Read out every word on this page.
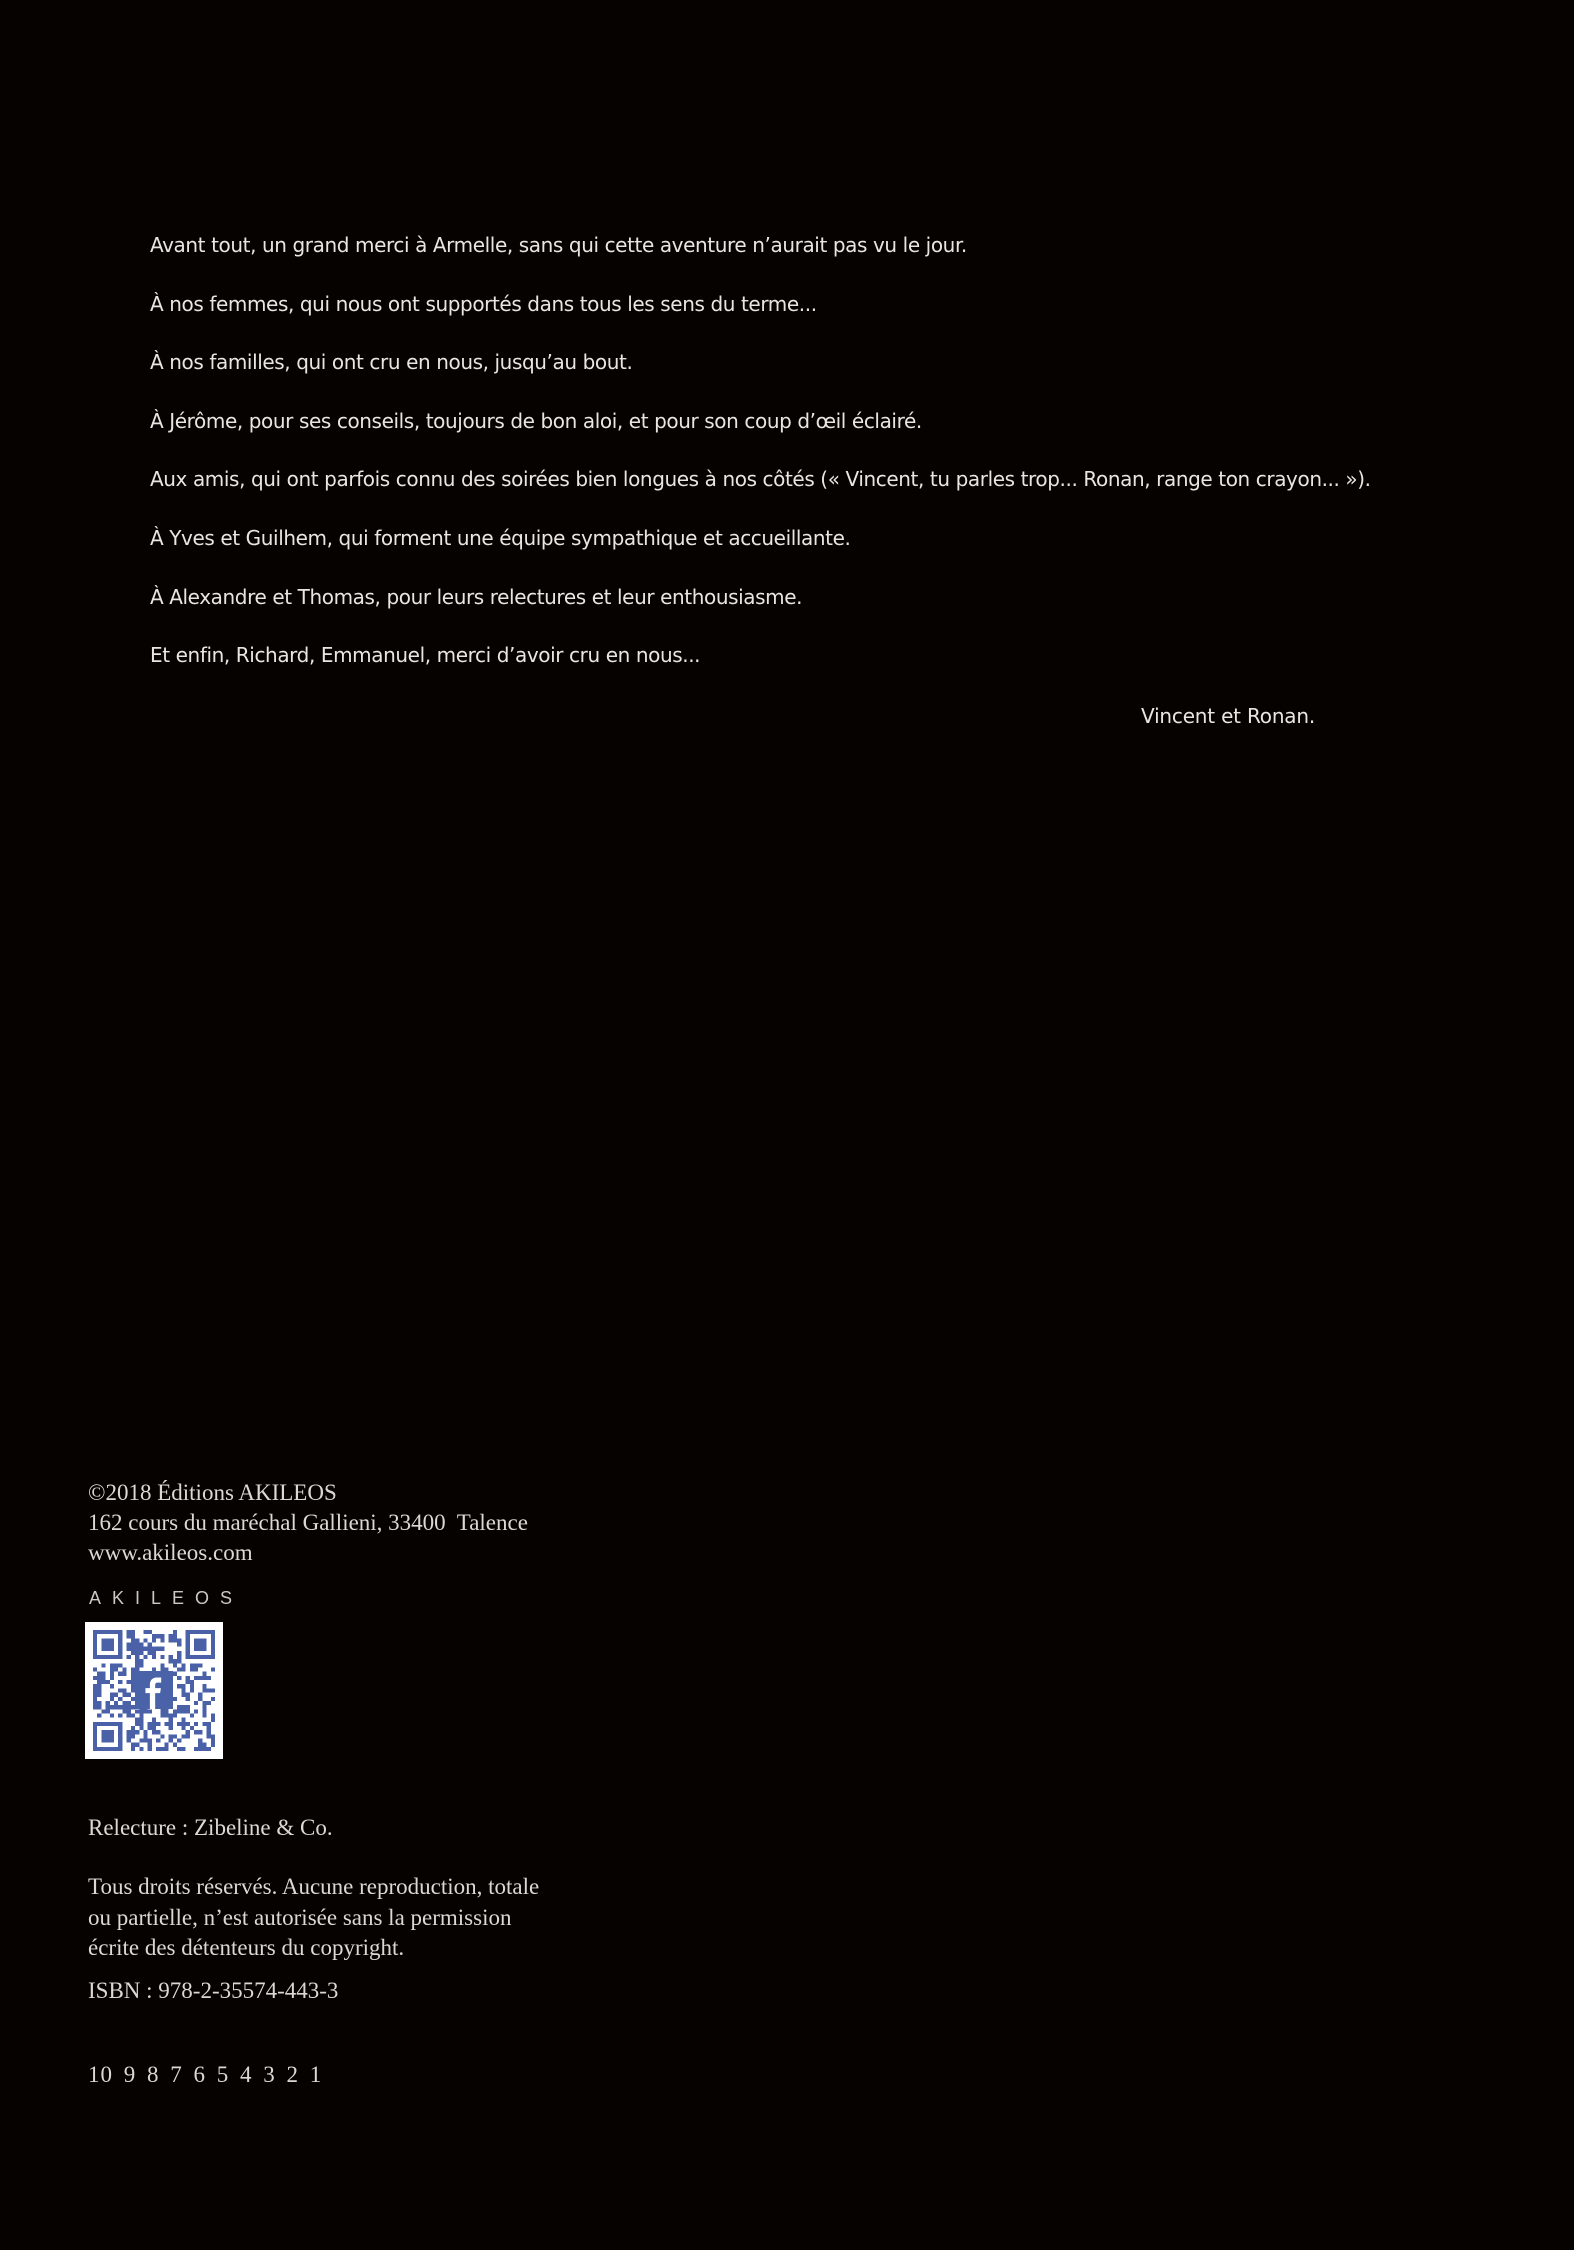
Avant tout, un grand merci à Armelle, sans qui cette aventure n’aurait pas vu le jour.

À nos femmes, qui nous ont supportés dans tous les sens du terme...

À nos familles, qui ont cru en nous, jusqu’au bout.

À Jérôme, pour ses conseils, toujours de bon aloi, et pour son coup d’œil éclairé.

Aux amis, qui ont parfois connu des soirées bien longues à nos côtés (« Vincent, tu parles trop... Ronan, range ton crayon... »).

À Yves et Guilhem, qui forment une équipe sympathique et accueillante.

À Alexandre et Thomas, pour leurs relectures et leur enthousiasme.

Et enfin, Richard, Emmanuel, merci d’avoir cru en nous...

Vincent et Ronan.

©2018 Éditions AKILEOS

162 cours du maréchal Gallieni, 33400  Talence

www.akileos.com

AKILEOS

Relecture : Zibeline & Co.

Tous droits réservés. Aucune reproduction, totale

ou partielle, n’est autorisée sans la permission

écrite des détenteurs du copyright.

ISBN : 978-2-35574-443-3

10 9 8 7 6 5 4 3 2 1
